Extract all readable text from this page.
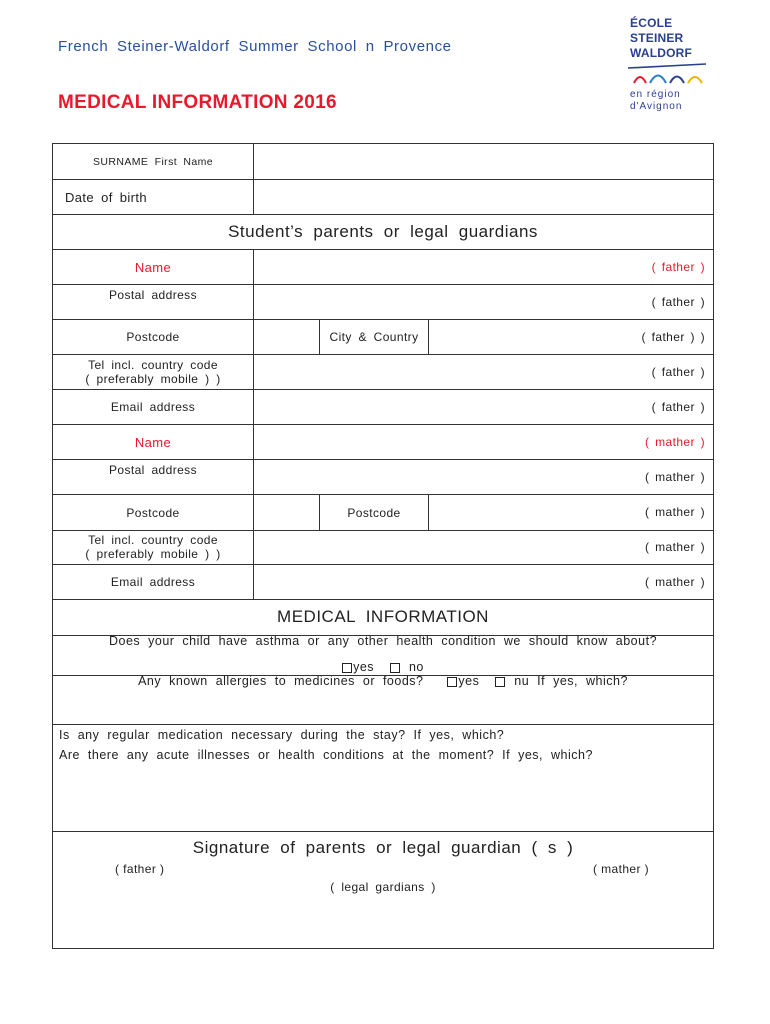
French Steiner-Waldorf Summer School n Provence
MEDICAL INFORMATION 2016
ÉCOLE
STEINER
WALDORF
en région
d'Avignon
SURNAME First Name
Date of birth
Student’s parents or legal guardians
Name	( father )
Postal address	( father )
Postcode	City & Country	( father ) )
Tel incl. country code
( preferably mobile ) )	( father )
Email address	( father )
Name	( mather )
Postal address	( mather )
Postcode	Postcode	( mather )
Tel incl. country code
( preferably mobile ) )	( mather )
Email address	( mather )
MEDICAL INFORMATION
Does your child have asthma or any other health condition we should know about?
yes	no
Any known allergies to medicines or foods?	yes	nu If yes, which?
Is any regular medication necessary during the stay? If yes, which?
Are there any acute illnesses or health conditions at the moment? If yes, which?
Signature of parents or legal guardian ( s )
( father )	( mather )
( legal gardians )
